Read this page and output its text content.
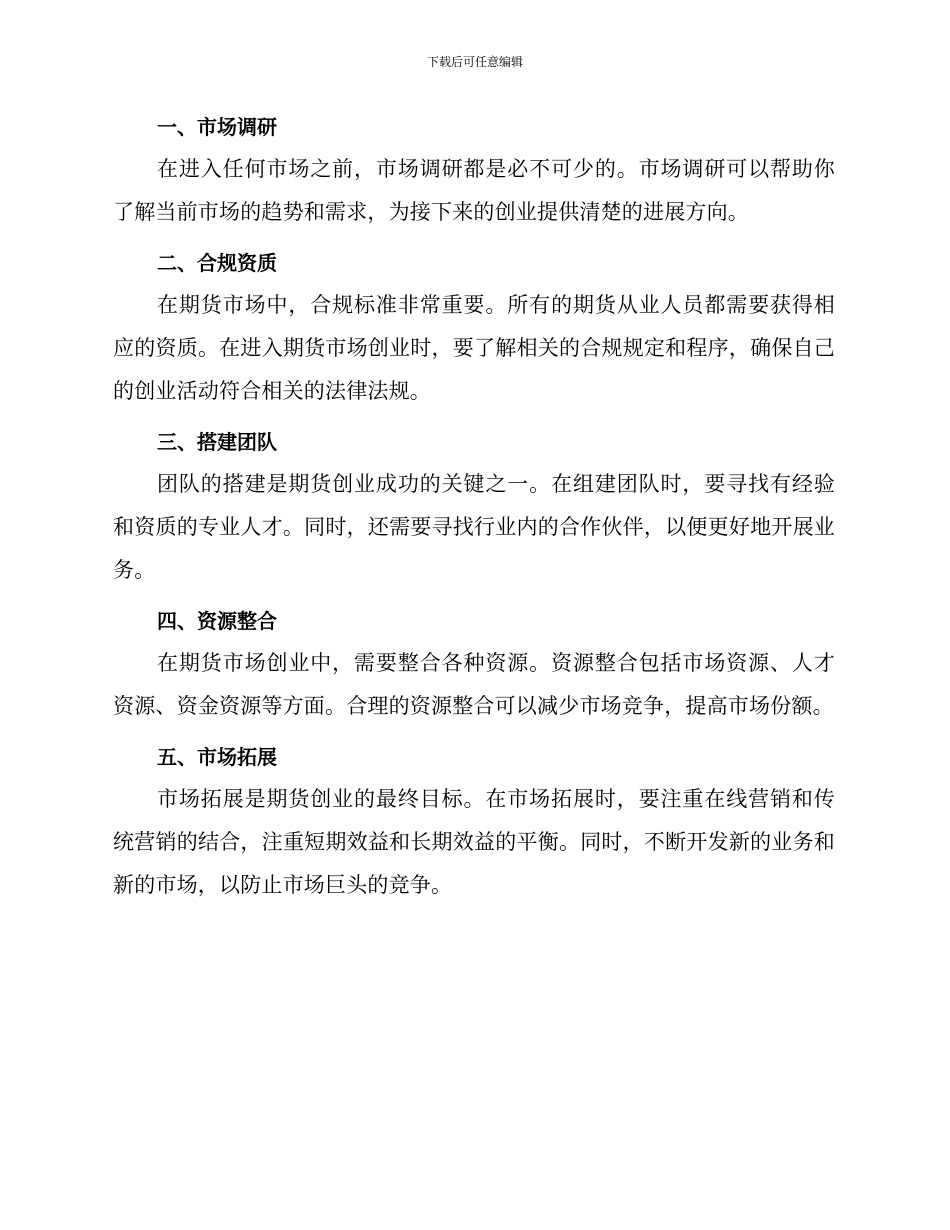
下载后可任意编辑
一、市场调研

在进入任何市场之前，市场调研都是必不可少的。市场调研可以帮助你了解当前市场的趋势和需求，为接下来的创业提供清楚的进展方向。

二、合规资质

在期货市场中，合规标准非常重要。所有的期货从业人员都需要获得相应的资质。在进入期货市场创业时，要了解相关的合规规定和程序，确保自己的创业活动符合相关的法律法规。

三、搭建团队

团队的搭建是期货创业成功的关键之一。在组建团队时，要寻找有经验和资质的专业人才。同时，还需要寻找行业内的合作伙伴，以便更好地开展业务。

四、资源整合

在期货市场创业中，需要整合各种资源。资源整合包括市场资源、人才资源、资金资源等方面。合理的资源整合可以减少市场竞争，提高市场份额。

五、市场拓展

市场拓展是期货创业的最终目标。在市场拓展时，要注重在线营销和传统营销的结合，注重短期效益和长期效益的平衡。同时，不断开发新的业务和新的市场，以防止市场巨头的竞争。
